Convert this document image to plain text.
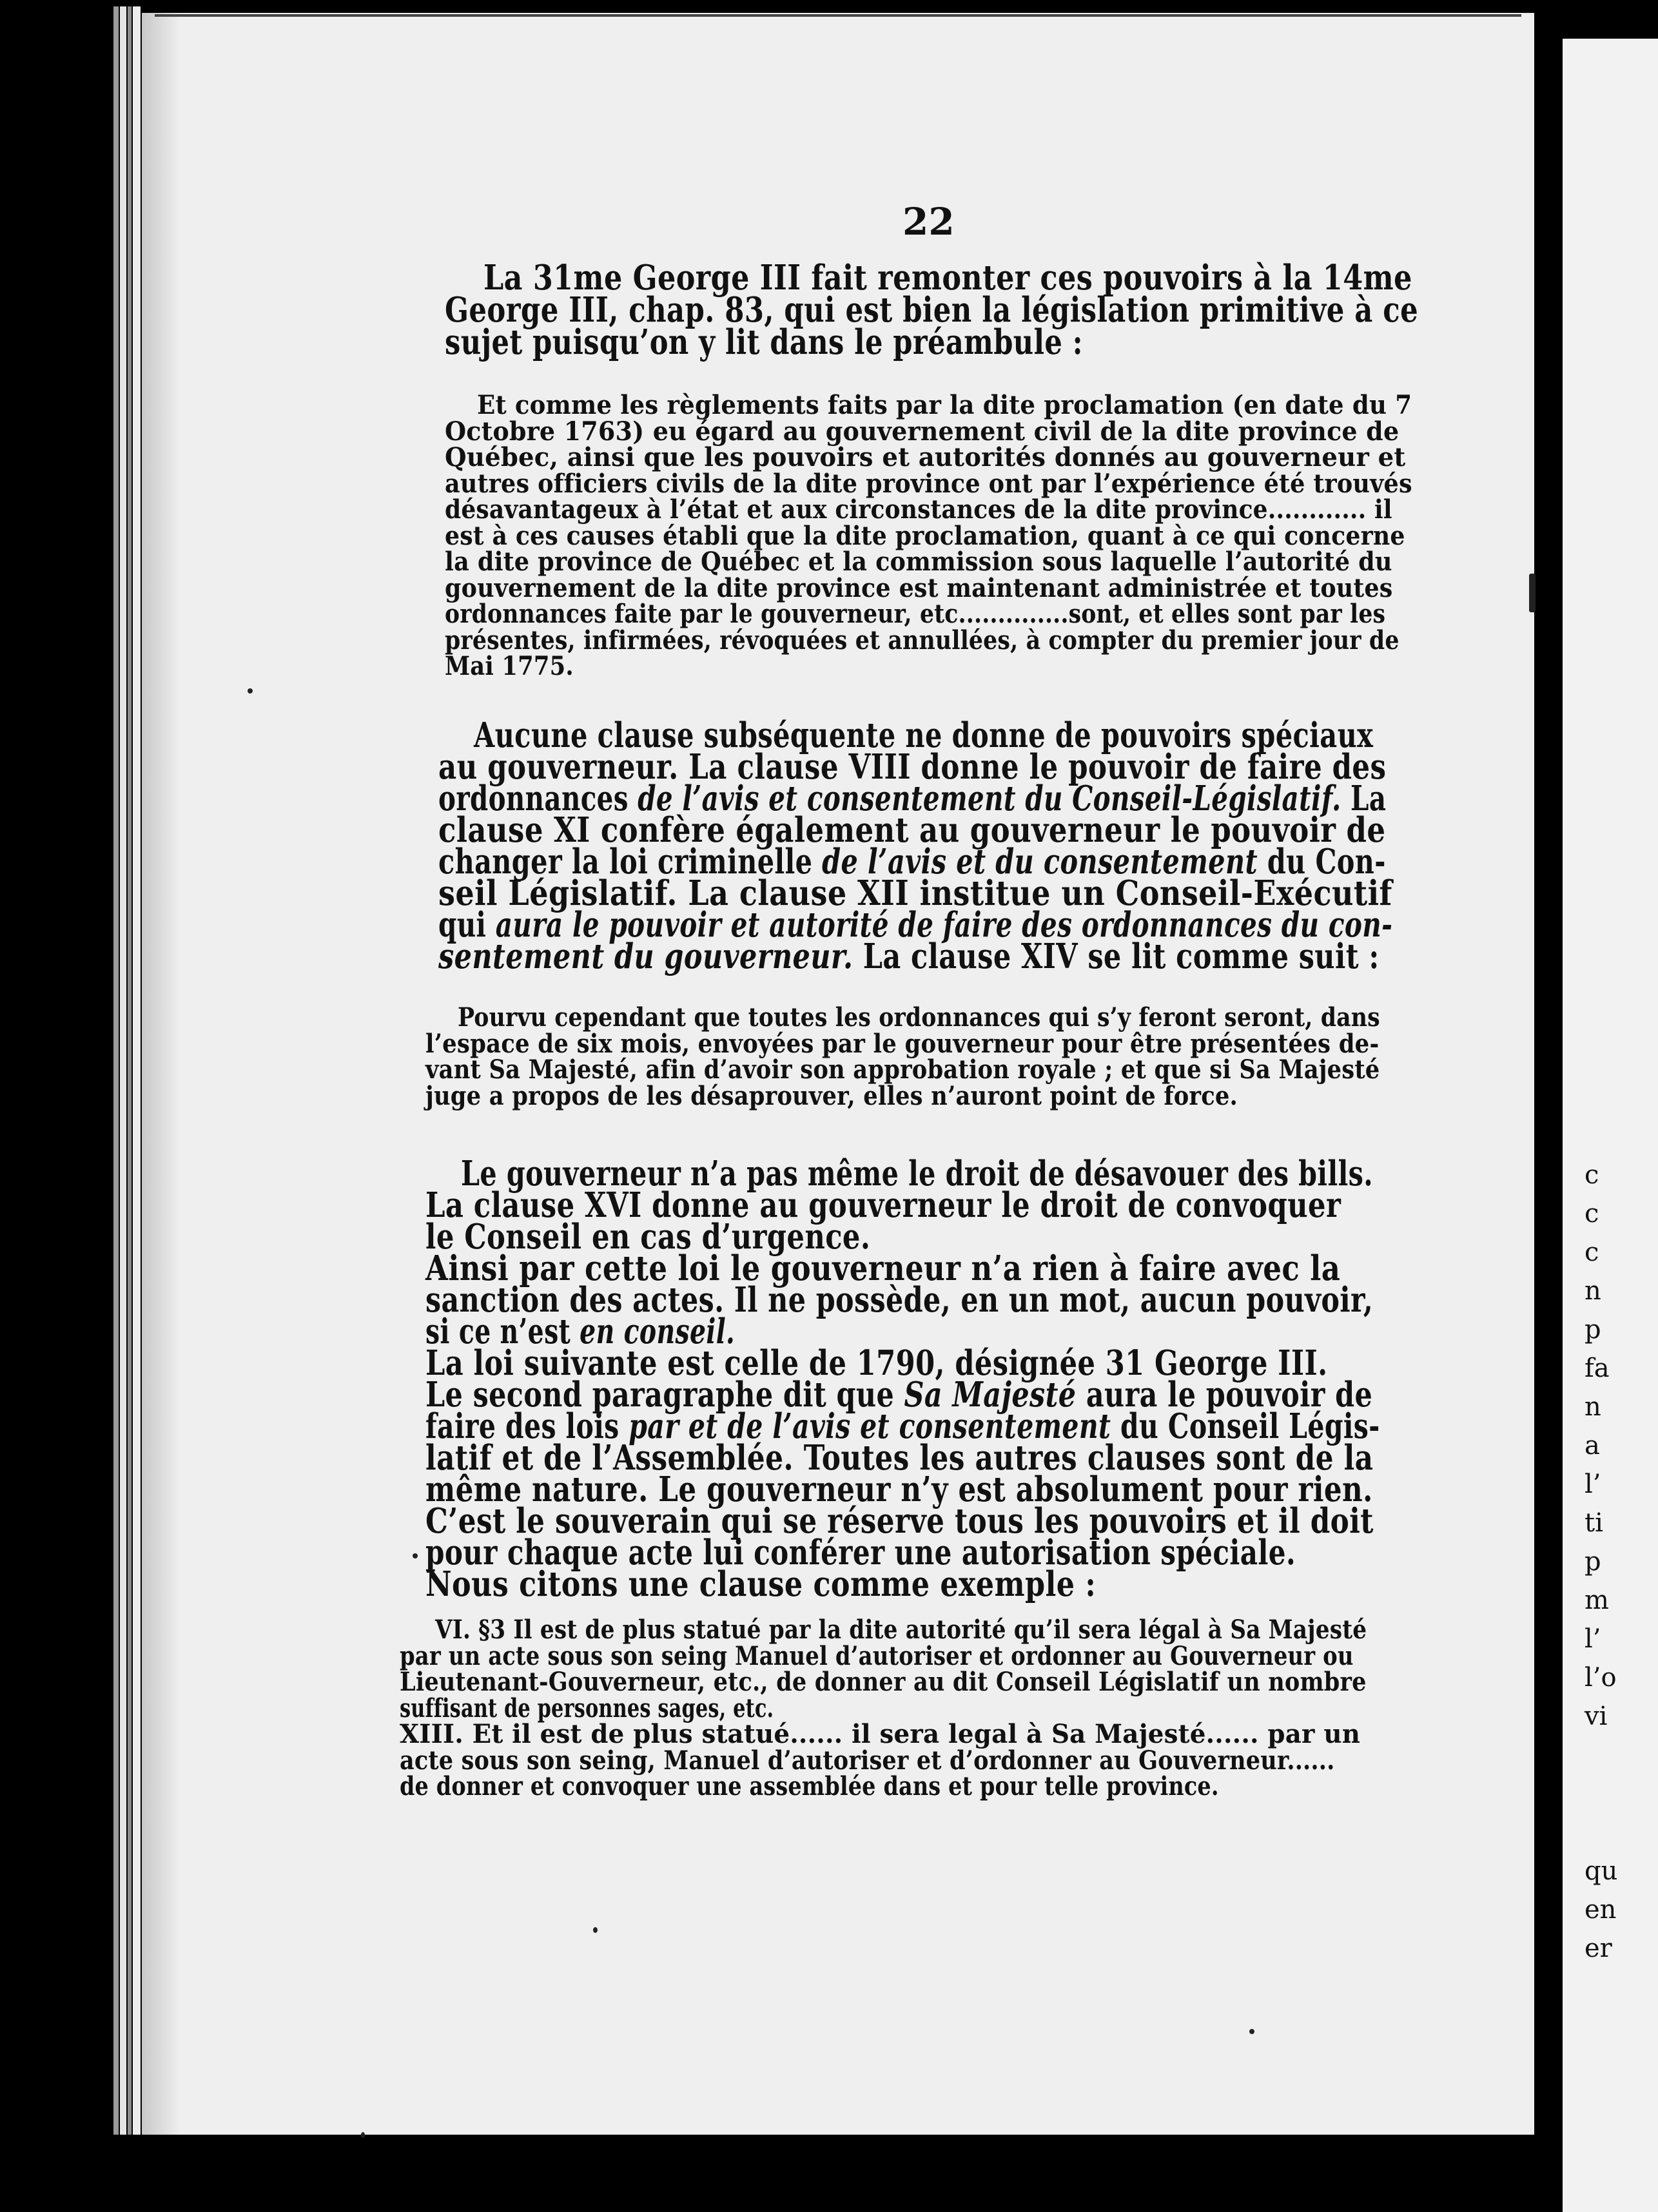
22
La 31me George III fait remonter ces pouvoirs à la 14me
George III, chap. 83, qui est bien la législation primitive à ce
sujet puisqu’on y lit dans le préambule :
Et comme les règlements faits par la dite proclamation (en date du 7
Octobre 1763) eu égard au gouvernement civil de la dite province de
Québec, ainsi que les pouvoirs et autorités donnés au gouverneur et
autres officiers civils de la dite province ont par l’expérience été trouvés
désavantageux à l’état et aux circonstances de la dite province............ il
est à ces causes établi que la dite proclamation, quant à ce qui concerne
la dite province de Québec et la commission sous laquelle l’autorité du
gouvernement de la dite province est maintenant administrée et toutes
ordonnances faite par le gouverneur, etc..............sont, et elles sont par les
présentes, infirmées, révoquées et annullées, à compter du premier jour de
Mai 1775.
Aucune clause subséquente ne donne de pouvoirs spéciaux
au gouverneur. La clause VIII donne le pouvoir de faire des
ordonnances de l’avis et consentement du Conseil-Législatif. La
clause XI confère également au gouverneur le pouvoir de
changer la loi criminelle de l’avis et du consentement du Con-
seil Législatif. La clause XII institue un Conseil-Exécutif
qui aura le pouvoir et autorité de faire des ordonnances du con-
sentement du gouverneur. La clause XIV se lit comme suit :
Pourvu cependant que toutes les ordonnances qui s’y feront seront, dans
l’espace de six mois, envoyées par le gouverneur pour être présentées de-
vant Sa Majesté, afin d’avoir son approbation royale ; et que si Sa Majesté
juge a propos de les désaprouver, elles n’auront point de force.
Le gouverneur n’a pas même le droit de désavouer des bills.
La clause XVI donne au gouverneur le droit de convoquer
le Conseil en cas d’urgence.
Ainsi par cette loi le gouverneur n’a rien à faire avec la
sanction des actes. Il ne possède, en un mot, aucun pouvoir,
si ce n’est en conseil.
La loi suivante est celle de 1790, désignée 31 George III.
Le second paragraphe dit que Sa Majesté aura le pouvoir de
faire des lois par et de l’avis et consentement du Conseil Légis-
latif et de l’Assemblée. Toutes les autres clauses sont de la
même nature. Le gouverneur n’y est absolument pour rien.
C’est le souverain qui se réserve tous les pouvoirs et il doit
pour chaque acte lui conférer une autorisation spéciale.
Nous citons une clause comme exemple :
VI. §3 Il est de plus statué par la dite autorité qu’il sera légal à Sa Majesté
par un acte sous son seing Manuel d’autoriser et ordonner au Gouverneur ou
Lieutenant-Gouverneur, etc., de donner au dit Conseil Législatif un nombre
suffisant de personnes sages, etc.
XIII. Et il est de plus statué...... il sera legal à Sa Majesté...... par un
acte sous son seing, Manuel d’autoriser et d’ordonner au Gouverneur......
de donner et convoquer une assemblée dans et pour telle province.
c
c
c
n
p
fa
n
a
l’
ti
p
m
l’
l’o
vi
qu
en
er
